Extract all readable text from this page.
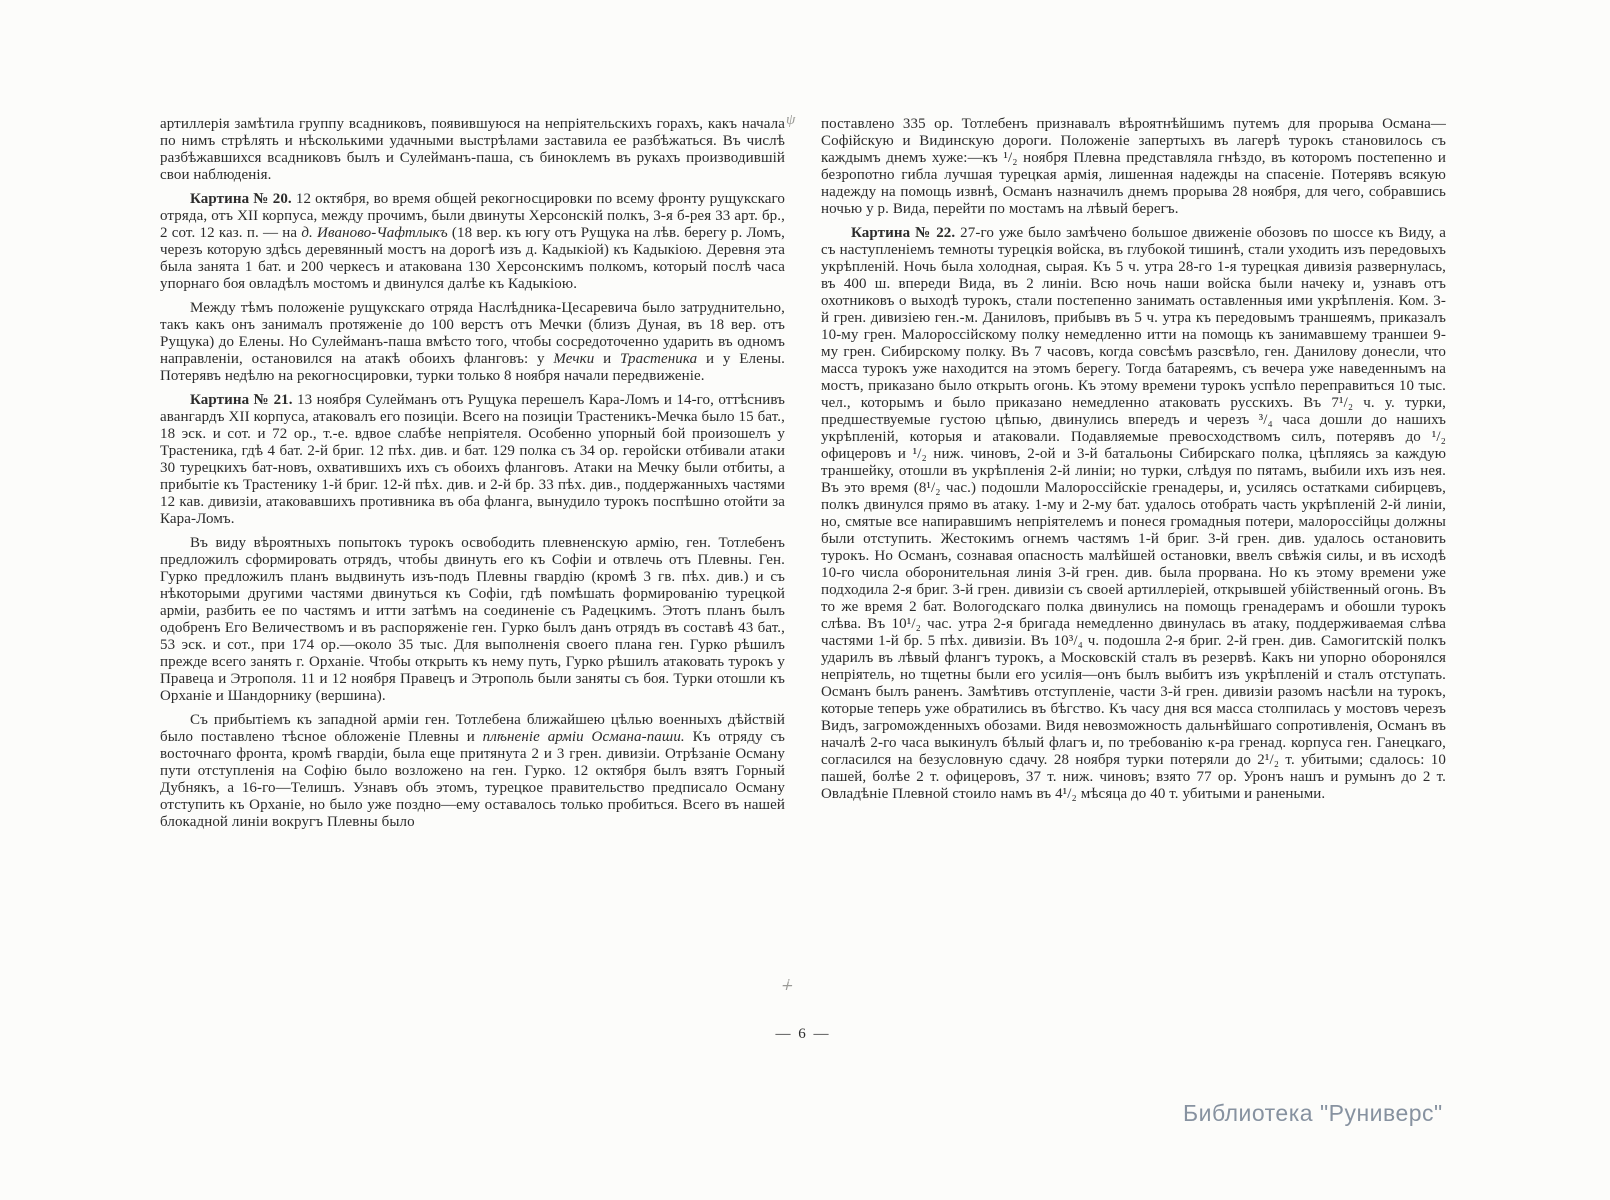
ψ

артиллерія замѣтила группу всадниковъ, появившуюся на непріятельскихъ горахъ, какъ начала по нимъ стрѣлять и нѣсколькими удачными выстрѣлами заставила ее разбѣжаться. Въ числѣ разбѣжавшихся всадниковъ былъ и Сулейманъ-паша, съ биноклемъ въ рукахъ производившій свои наблюденія.

Картина № 20. 12 октября, во время общей рекогносцировки по всему фронту рущукскаго отряда, отъ XII корпуса, между прочимъ, были двинуты Херсонскій полкъ, 3-я б-рея 33 арт. бр., 2 сот. 12 каз. п. — на д. Иваново-Чафтлыкъ (18 вер. къ югу отъ Рущука на лѣв. берегу р. Ломъ, черезъ которую здѣсь деревянный мостъ на дорогѣ изъ д. Кадыкіой) къ Кадыкіою. Деревня эта была занята 1 бат. и 200 черкесъ и атакована 130 Херсонскимъ полкомъ, который послѣ часа упорнаго боя овладѣлъ мостомъ и двинулся далѣе къ Кадыкіою.

Между тѣмъ положеніе рущукскаго отряда Наслѣдника-Цесаревича было затруднительно, такъ какъ онъ занималъ протяженіе до 100 верстъ отъ Мечки (близъ Дуная, въ 18 вер. отъ Рущука) до Елены. Но Сулейманъ-паша вмѣсто того, чтобы сосредоточенно ударить въ одномъ направленіи, остановился на атакѣ обоихъ фланговъ: у Мечки и Трастеника и у Елены. Потерявъ недѣлю на рекогносцировки, турки только 8 ноября начали передвиженіе.

Картина № 21. 13 ноября Сулейманъ отъ Рущука перешелъ Кара-Ломъ и 14-го, оттѣснивъ авангардъ XII корпуса, атаковалъ его позиціи. Всего на позиціи Трастеникъ-Мечка было 15 бат., 18 эск. и сот. и 72 ор., т.-е. вдвое слабѣе непріятеля. Особенно упорный бой произошелъ у Трастеника, гдѣ 4 бат. 2-й бриг. 12 пѣх. див. и бат. 129 полка съ 34 ор. геройски отбивали атаки 30 турецкихъ бат-новъ, охватившихъ ихъ съ обоихъ фланговъ. Атаки на Мечку были отбиты, а прибытіе къ Трастенику 1-й бриг. 12-й пѣх. див. и 2-й бр. 33 пѣх. див., поддержанныхъ частями 12 кав. дивизіи, атаковавшихъ противника въ оба фланга, вынудило турокъ поспѣшно отойти за Кара-Ломъ.

Въ виду вѣроятныхъ попытокъ турокъ освободить плевненскую армію, ген. Тотлебенъ предложилъ сформировать отрядъ, чтобы двинуть его къ Софіи и отвлечь отъ Плевны. Ген. Гурко предложилъ планъ выдвинуть изъ-подъ Плевны гвардію (кромѣ 3 гв. пѣх. див.) и съ нѣкоторыми другими частями двинуться къ Софіи, гдѣ помѣшать формированію турецкой арміи, разбить ее по частямъ и итти затѣмъ на соединеніе съ Радецкимъ. Этотъ планъ былъ одобренъ Его Величествомъ и въ распоряженіе ген. Гурко былъ данъ отрядъ въ составѣ 43 бат., 53 эск. и сот., при 174 ор.—около 35 тыс. Для выполненія своего плана ген. Гурко рѣшилъ прежде всего занять г. Орханіе. Чтобы открыть къ нему путь, Гурко рѣшилъ атаковать турокъ у Правеца и Этрополя. 11 и 12 ноября Правецъ и Этрополь были заняты съ боя. Турки отошли къ Орханіе и Шандорнику (вершина).

Съ прибытіемъ къ западной арміи ген. Тотлебена ближайшею цѣлью военныхъ дѣйствій было поставлено тѣсное обложеніе Плевны и плѣненіе арміи Османа-паши. Къ отряду съ восточнаго фронта, кромѣ гвардіи, была еще притянута 2 и 3 грен. дивизіи. Отрѣзаніе Осману пути отступленія на Софію было возложено на ген. Гурко. 12 октября былъ взятъ Горный Дубнякъ, а 16-го—Телишъ. Узнавъ объ этомъ, турецкое правительство предписало Осману отступить къ Орханіе, но было уже поздно—ему оставалось только пробиться. Всего въ нашей блокадной линіи вокругъ Плевны было

поставлено 335 ор. Тотлебенъ признавалъ вѣроятнѣйшимъ путемъ для прорыва Османа—Софійскую и Видинскую дороги. Положеніе запертыхъ въ лагерѣ турокъ становилось съ каждымъ днемъ хуже:—къ ¹/₂ ноября Плевна представляла гнѣздо, въ которомъ постепенно и безропотно гибла лучшая турецкая армія, лишенная надежды на спасеніе. Потерявъ всякую надежду на помощь извнѣ, Османъ назначилъ днемъ прорыва 28 ноября, для чего, собравшись ночью у р. Вида, перейти по мостамъ на лѣвый берегъ.

Картина № 22. 27-го уже было замѣчено большое движеніе обозовъ по шоссе къ Виду, а съ наступленіемъ темноты турецкія войска, въ глубокой тишинѣ, стали уходить изъ передовыхъ укрѣпленій. Ночь была холодная, сырая. Къ 5 ч. утра 28-го 1-я турецкая дивизія развернулась, въ 400 ш. впереди Вида, въ 2 линіи. Всю ночь наши войска были начеку и, узнавъ отъ охотниковъ о выходѣ турокъ, стали постепенно занимать оставленныя ими укрѣпленія. Ком. 3-й грен. дивизіею ген.-м. Даниловъ, прибывъ въ 5 ч. утра къ передовымъ траншеямъ, приказалъ 10-му грен. Малороссійскому полку немедленно итти на помощь къ занимавшему траншеи 9-му грен. Сибирскому полку. Въ 7 часовъ, когда совсѣмъ разсвѣло, ген. Данилову донесли, что масса турокъ уже находится на этомъ берегу. Тогда батареямъ, съ вечера уже наведеннымъ на мостъ, приказано было открыть огонь. Къ этому времени турокъ успѣло переправиться 10 тыс. чел., которымъ и было приказано немедленно атаковать русскихъ. Въ 7¹/₂ ч. у. турки, предшествуемые густою цѣпью, двинулись впередъ и черезъ ³/₄ часа дошли до нашихъ укрѣпленій, которыя и атаковали. Подавляемые превосходствомъ силъ, потерявъ до ¹/₂ офицеровъ и ¹/₂ ниж. чиновъ, 2-ой и 3-й батальоны Сибирскаго полка, цѣпляясь за каждую траншейку, отошли въ укрѣпленія 2-й линіи; но турки, слѣдуя по пятамъ, выбили ихъ изъ нея. Въ это время (8¹/₂ час.) подошли Малороссійскіе гренадеры, и, усилясь остатками сибирцевъ, полкъ двинулся прямо въ атаку. 1-му и 2-му бат. удалось отобрать часть укрѣпленій 2-й линіи, но, смятые все напиравшимъ непріятелемъ и понеся громадныя потери, малороссійцы должны были отступить. Жестокимъ огнемъ частямъ 1-й бриг. 3-й грен. див. удалось остановить турокъ. Но Османъ, сознавая опасность малѣйшей остановки, ввелъ свѣжія силы, и въ исходѣ 10-го числа оборонительная линія 3-й грен. див. была прорвана. Но къ этому времени уже подходила 2-я бриг. 3-й грен. дивизіи съ своей артиллеріей, открывшей убійственный огонь. Въ то же время 2 бат. Вологодскаго полка двинулись на помощь гренадерамъ и обошли турокъ слѣва. Въ 10¹/₂ час. утра 2-я бригада немедленно двинулась въ атаку, поддерживаемая слѣва частями 1-й бр. 5 пѣх. дивизіи. Въ 10³/₄ ч. подошла 2-я бриг. 2-й грен. див. Самогитскій полкъ ударилъ въ лѣвый флангъ турокъ, а Московскій сталъ въ резервѣ. Какъ ни упорно оборонялся непріятель, но тщетны были его усилія—онъ былъ выбитъ изъ укрѣпленій и сталъ отступать. Османъ былъ раненъ. Замѣтивъ отступленіе, части 3-й грен. дивизіи разомъ насѣли на турокъ, которые теперь уже обратились въ бѣгство. Къ часу дня вся масса столпилась у мостовъ черезъ Видъ, загроможденныхъ обозами. Видя невозможность дальнѣйшаго сопротивленія, Османъ въ началѣ 2-го часа выкинулъ бѣлый флагъ и, по требованію к-ра гренад. корпуса ген. Ганецкаго, согласился на безусловную сдачу. 28 ноября турки потеряли до 2¹/₂ т. убитыми; сдалось: 10 пашей, болѣе 2 т. офицеровъ, 37 т. ниж. чиновъ; взято 77 ор. Уронъ нашъ и румынъ до 2 т. Овладѣніе Плевной стоило намъ въ 4¹/₂ мѣсяца до 40 т. убитыми и ранеными.

∔
— 6 —
Библиотека "Руниверс"
